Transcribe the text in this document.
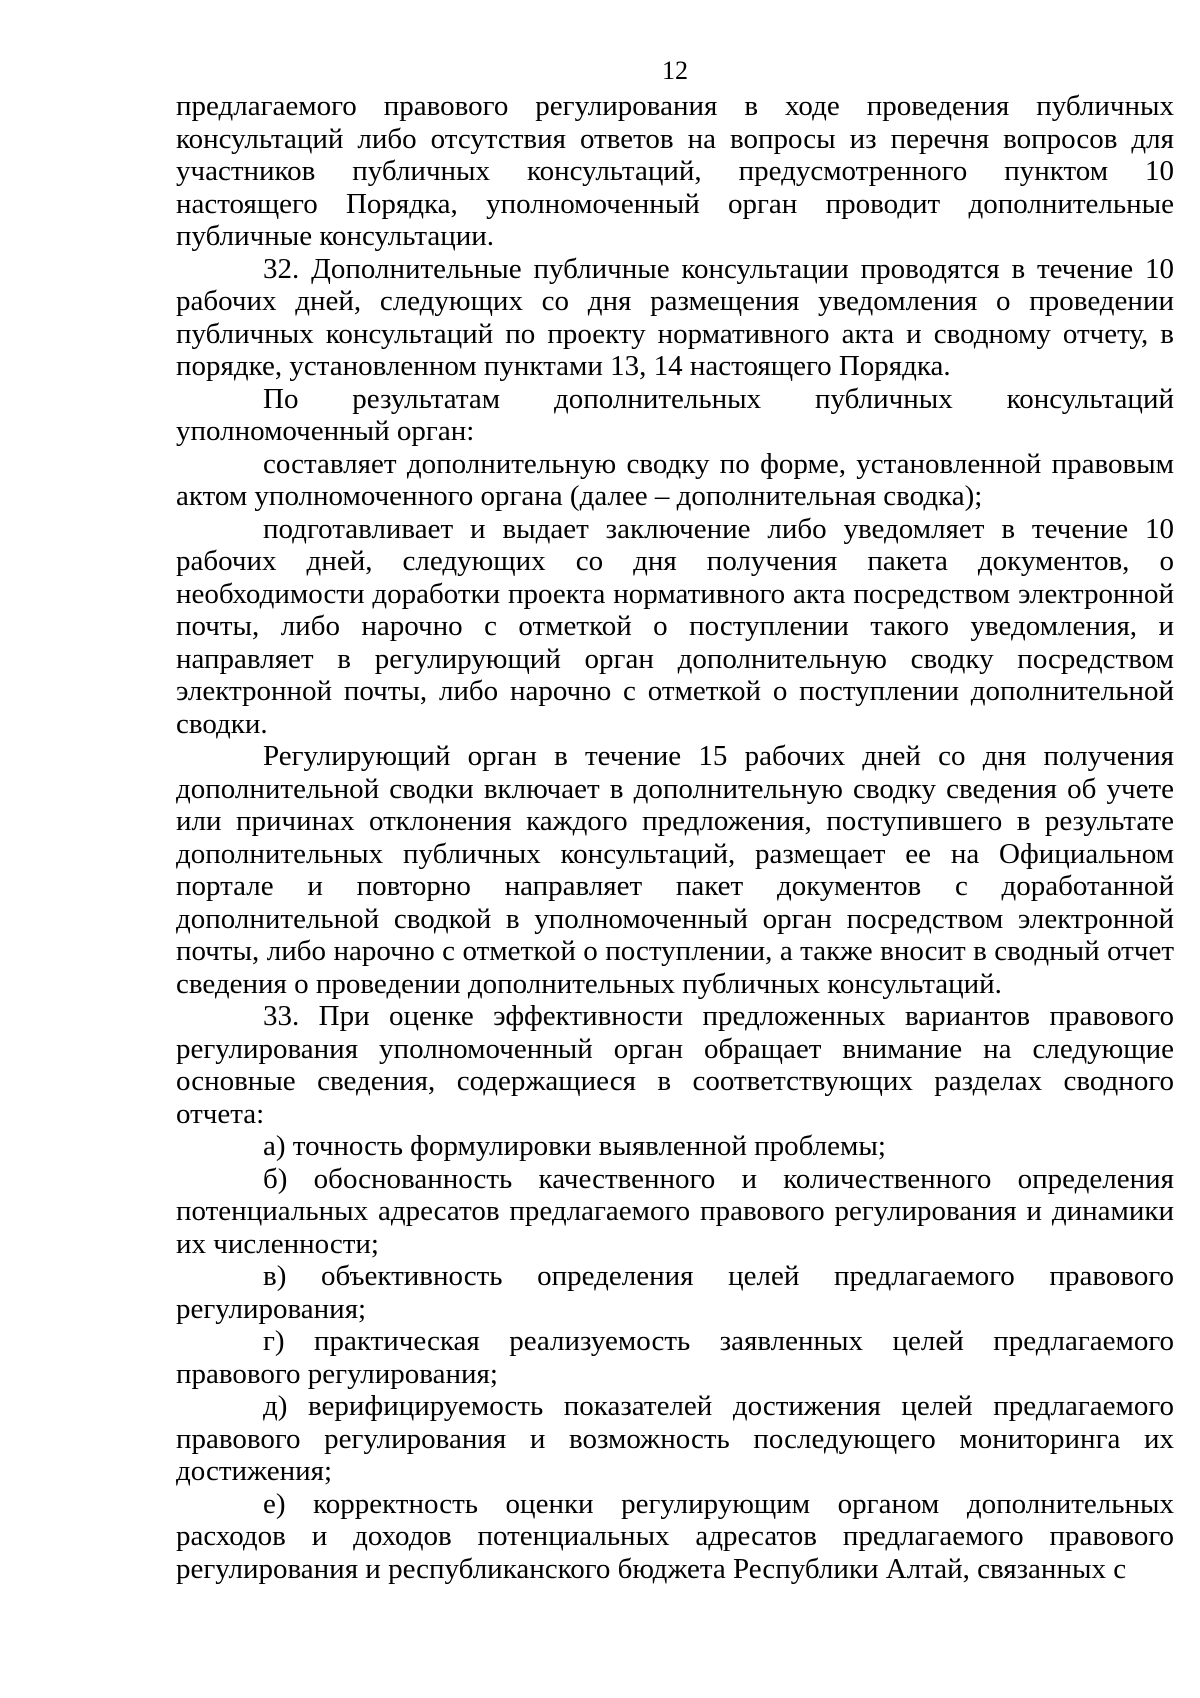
12

предлагаемого правового регулирования в ходе проведения публичных консультаций либо отсутствия ответов на вопросы из перечня вопросов для участников публичных консультаций, предусмотренного пунктом 10 настоящего Порядка, уполномоченный орган проводит дополнительные публичные консультации.

32. Дополнительные публичные консультации проводятся в течение 10 рабочих дней, следующих со дня размещения уведомления о проведении публичных консультаций по проекту нормативного акта и сводному отчету, в порядке, установленном пунктами 13, 14 настоящего Порядка.

По результатам дополнительных публичных консультаций уполномоченный орган:

составляет дополнительную сводку по форме, установленной правовым актом уполномоченного органа (далее – дополнительная сводка);

подготавливает и выдает заключение либо уведомляет в течение 10 рабочих дней, следующих со дня получения пакета документов, о необходимости доработки проекта нормативного акта посредством электронной почты, либо нарочно с отметкой о поступлении такого уведомления, и направляет в регулирующий орган дополнительную сводку посредством электронной почты, либо нарочно с отметкой о поступлении дополнительной сводки.

Регулирующий орган в течение 15 рабочих дней со дня получения дополнительной сводки включает в дополнительную сводку сведения об учете или причинах отклонения каждого предложения, поступившего в результате дополнительных публичных консультаций, размещает ее на Официальном портале и повторно направляет пакет документов с доработанной дополнительной сводкой в уполномоченный орган посредством электронной почты, либо нарочно с отметкой о поступлении, а также вносит в сводный отчет сведения о проведении дополнительных публичных консультаций.

33. При оценке эффективности предложенных вариантов правового регулирования уполномоченный орган обращает внимание на следующие основные сведения, содержащиеся в соответствующих разделах сводного отчета:

а) точность формулировки выявленной проблемы;

б) обоснованность качественного и количественного определения потенциальных адресатов предлагаемого правового регулирования и динамики их численности;

в) объективность определения целей предлагаемого правового регулирования;

г) практическая реализуемость заявленных целей предлагаемого правового регулирования;

д) верифицируемость показателей достижения целей предлагаемого правового регулирования и возможность последующего мониторинга их достижения;

е) корректность оценки регулирующим органом дополнительных расходов и доходов потенциальных адресатов предлагаемого правового регулирования и республиканского бюджета Республики Алтай, связанных с
